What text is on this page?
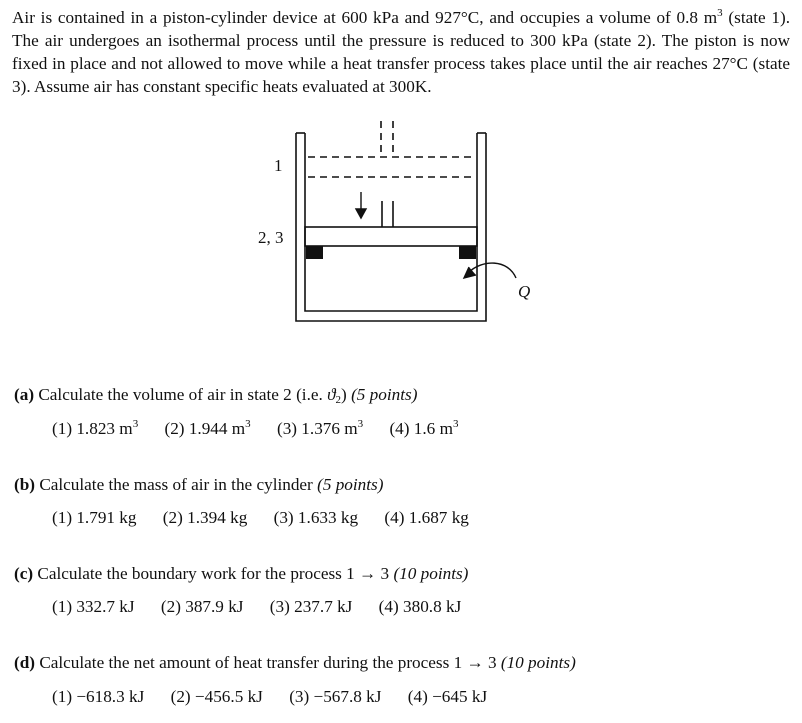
Air is contained in a piston-cylinder device at 600 kPa and 927°C, and occupies a volume of 0.8 $m^3$ (state 1). The air undergoes an isothermal process until the pressure is reduced to 300 kPa (state 2). The piston is now fixed in place and not allowed to move while a heat transfer process takes place until the air reaches 27°C (state 3). Assume air has constant specific heats evaluated at 300K.

1
2, 3
Q
(a) Calculate the volume of air in state 2 (i.e. $ϑ_2$) (5 points)
(1) 1.823 $m^3$ (2) 1.944 $m^3$ (3) 1.376 $m^3$ (4) 1.6 $m^3$
(b) Calculate the mass of air in the cylinder (5 points)
(1) 1.791 kg (2) 1.394 kg (3) 1.633 kg (4) 1.687 kg
(c) Calculate the boundary work for the process 1 → 3 (10 points)
(1) 332.7 kJ (2) 387.9 kJ (3) 237.7 kJ (4) 380.8 kJ
(d) Calculate the net amount of heat transfer during the process 1 → 3 (10 points)
(1) −618.3 kJ (2) −456.5 kJ (3) −567.8 kJ (4) −645 kJ
